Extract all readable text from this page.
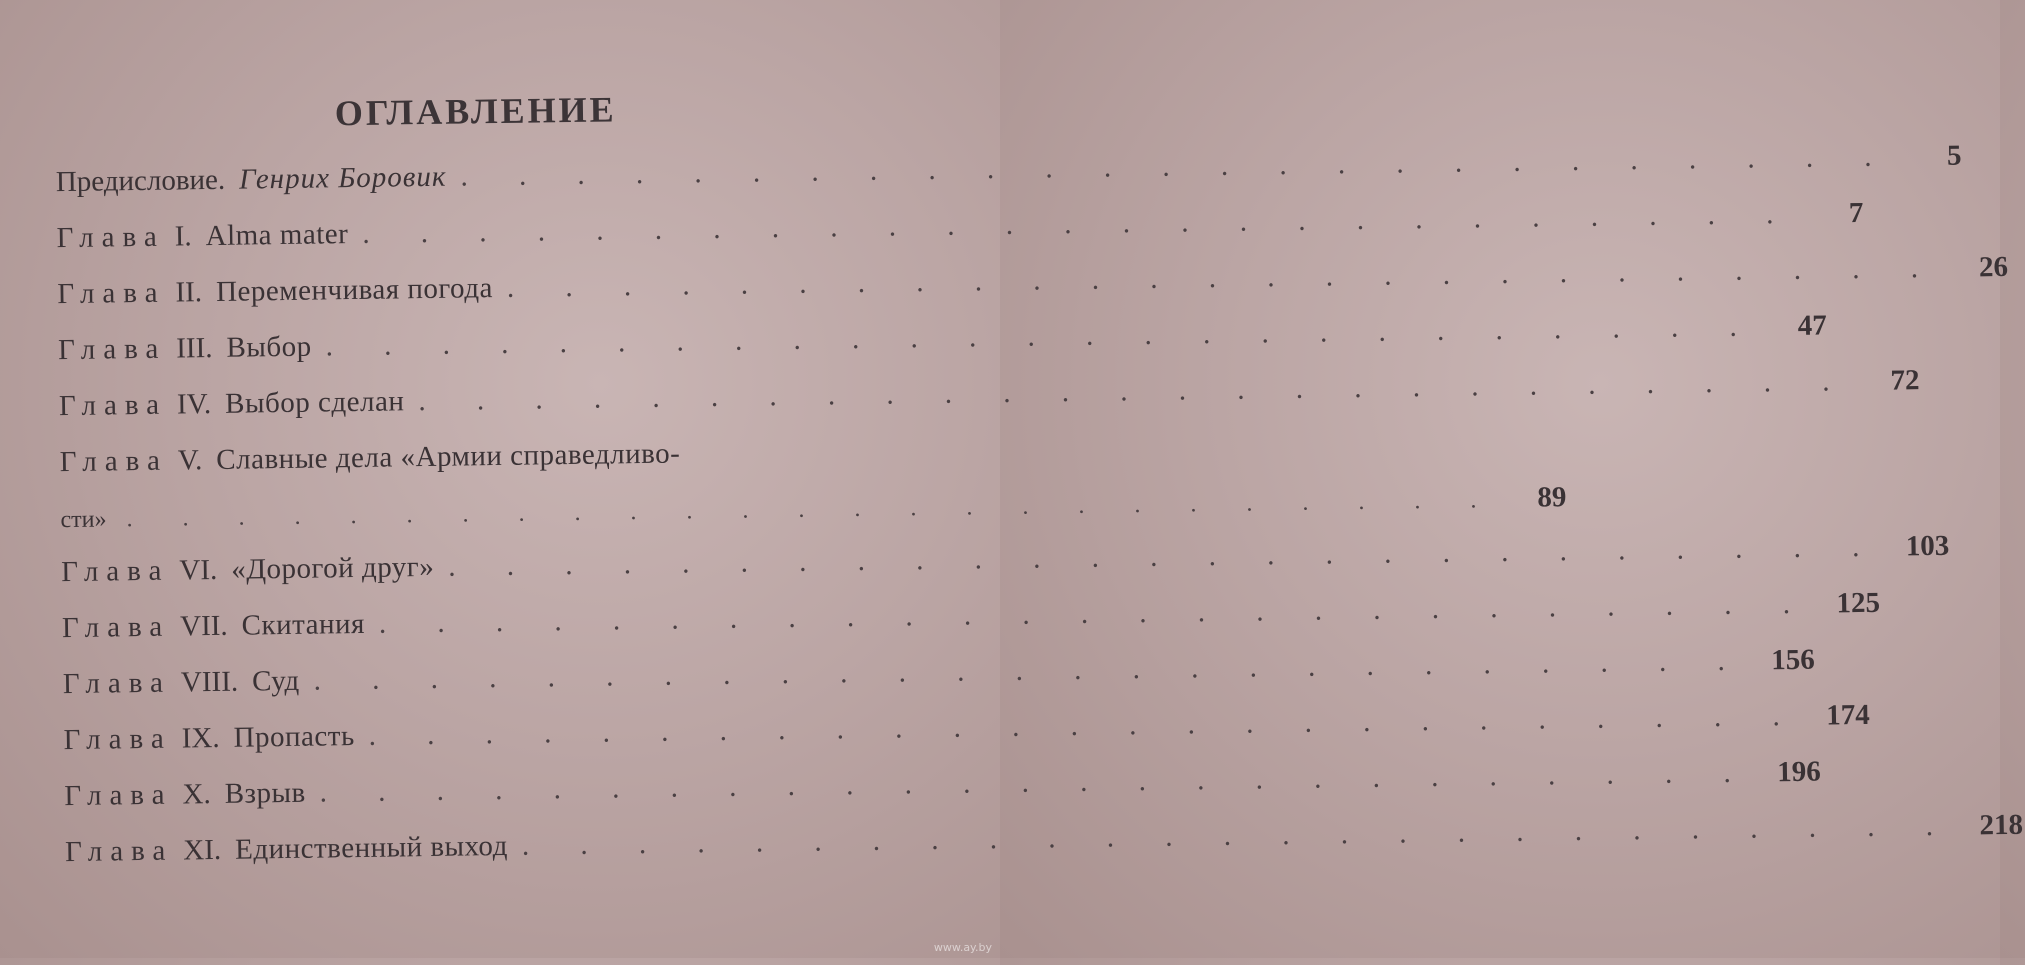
ОГЛАВЛЕНИЕ
Предисловие. Генрих Боровик . . . . . . . . . . . . . . . . . . . . . . . . .	5
Глава I. Alma mater . . . . . . . . . . . . . . . . . . . . . . . . .	7
Глава II. Переменчивая погода . . . . . . . . . . . . . . . . . . . . . . . . .	26
Глава III. Выбор . . . . . . . . . . . . . . . . . . . . . . . . .	47
Глава IV. Выбор сделан . . . . . . . . . . . . . . . . . . . . . . . . .	72
Глава V. Славные дела «Армии справедливо-
сти» . . . . . . . . . . . . . . . . . . . . . . . . .	89
Глава VI. «Дорогой друг» . . . . . . . . . . . . . . . . . . . . . . . . . 103
Глава VII. Скитания . . . . . . . . . . . . . . . . . . . . . . . . . 125
Глава VIII. Суд . . . . . . . . . . . . . . . . . . . . . . . . . 156
Глава IX. Пропасть . . . . . . . . . . . . . . . . . . . . . . . . . 174
Глава X. Взрыв . . . . . . . . . . . . . . . . . . . . . . . . . 196
Глава XI. Единственный выход . . . . . . . . . . . . . . . . . . . . . . . . . 218
www.ay.by
